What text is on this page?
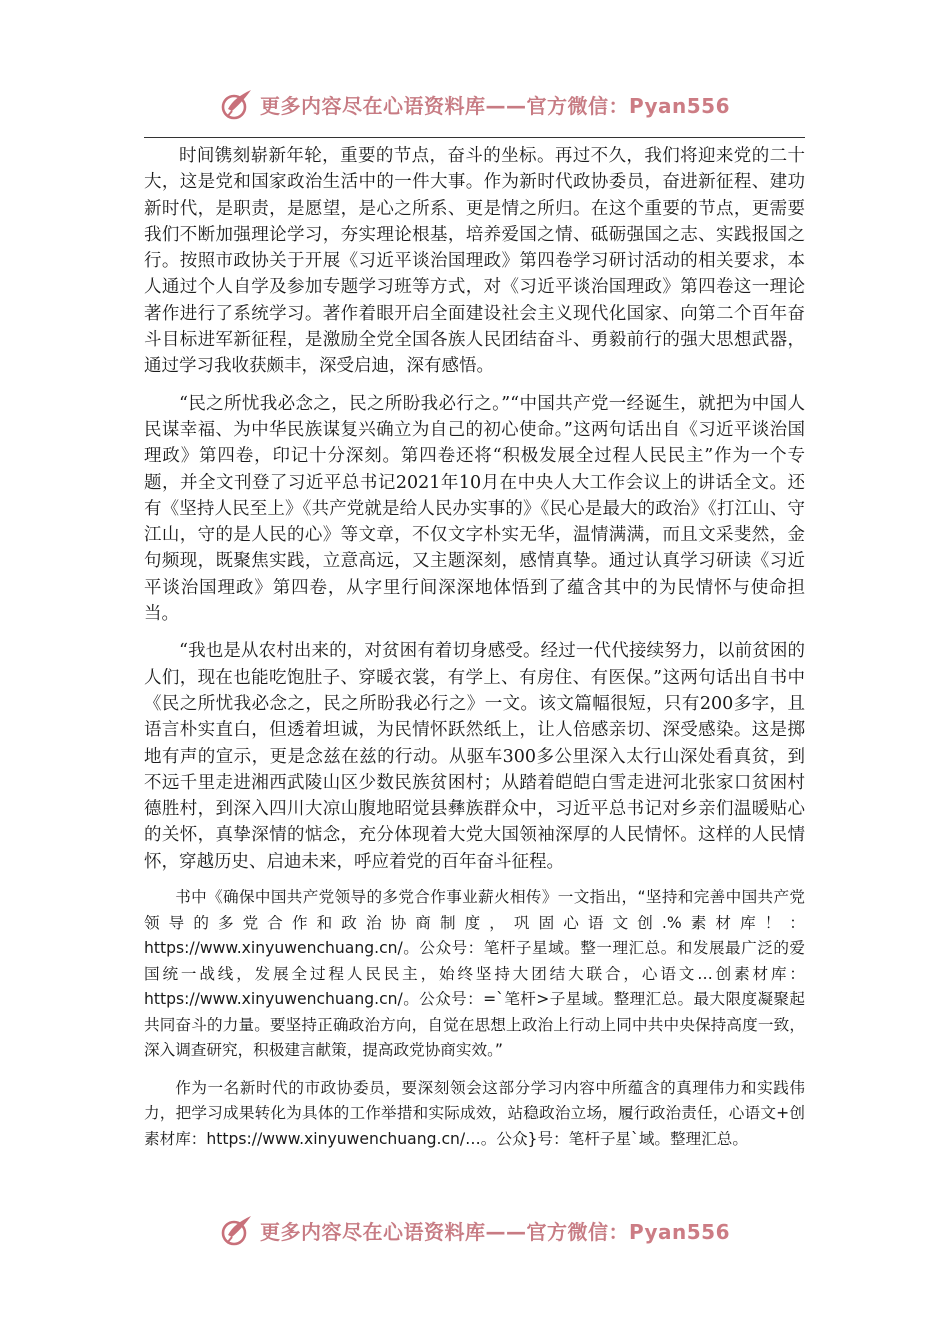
更多内容尽在心语资料库——官方微信：Pyan556

时间镌刻崭新年轮，重要的节点，奋斗的坐标。再过不久，我们将迎来党的二十大，这是党和国家政治生活中的一件大事。作为新时代政协委员，奋进新征程、建功新时代，是职责，是愿望，是心之所系、更是情之所归。在这个重要的节点，更需要我们不断加强理论学习，夯实理论根基，培养爱国之情、砥砺强国之志、实践报国之行。按照市政协关于开展《习近平谈治国理政》第四卷学习研讨活动的相关要求，本人通过个人自学及参加专题学习班等方式，对《习近平谈治国理政》第四卷这一理论著作进行了系统学习。著作着眼开启全面建设社会主义现代化国家、向第二个百年奋斗目标进军新征程，是激励全党全国各族人民团结奋斗、勇毅前行的强大思想武器，通过学习我收获颇丰，深受启迪，深有感悟。

“民之所忧我必念之，民之所盼我必行之。”“中国共产党一经诞生，就把为中国人民谋幸福、为中华民族谋复兴确立为自己的初心使命。”这两句话出自《习近平谈治国理政》第四卷，印记十分深刻。第四卷还将“积极发展全过程人民民主”作为一个专题，并全文刊登了习近平总书记2021年10月在中央人大工作会议上的讲话全文。还有《坚持人民至上》《共产党就是给人民办实事的》《民心是最大的政治》《打江山、守江山，守的是人民的心》等文章，不仅文字朴实无华，温情满满，而且文采斐然，金句频现，既聚焦实践，立意高远，又主题深刻，感情真挚。通过认真学习研读《习近平谈治国理政》第四卷，从字里行间深深地体悟到了蕴含其中的为民情怀与使命担当。

“我也是从农村出来的，对贫困有着切身感受。经过一代代接续努力，以前贫困的人们，现在也能吃饱肚子、穿暖衣裳，有学上、有房住、有医保。”这两句话出自书中《民之所忧我必念之，民之所盼我必行之》一文。该文篇幅很短，只有200多字，且语言朴实直白，但透着坦诚，为民情怀跃然纸上，让人倍感亲切、深受感染。这是掷地有声的宣示，更是念兹在兹的行动。从驱车300多公里深入太行山深处看真贫，到不远千里走进湘西武陵山区少数民族贫困村；从踏着皑皑白雪走进河北张家口贫困村德胜村，到深入四川大凉山腹地昭觉县彝族群众中，习近平总书记对乡亲们温暖贴心的关怀，真挚深情的惦念，充分体现着大党大国领袖深厚的人民情怀。这样的人民情怀，穿越历史、启迪未来，呼应着党的百年奋斗征程。

书中《确保中国共产党领导的多党合作事业薪火相传》一文指出，“坚持和完善中国共产党领导的多党合作和政治协商制度，巩固心语文创.%素材库！：https://www.xinyuwenchuang.cn/。公众号：笔杆子星域。整一理汇总。和发展最广泛的爱国统一战线，发展全过程人民民主，始终坚持大团结大联合，心语文…创素材库：https://www.xinyuwenchuang.cn/。公众号：=`笔杆>子星域。整理汇总。最大限度凝聚起共同奋斗的力量。要坚持正确政治方向，自觉在思想上政治上行动上同中共中央保持高度一致，深入调查研究，积极建言献策，提高政党协商实效。”

作为一名新时代的市政协委员，要深刻领会这部分学习内容中所蕴含的真理伟力和实践伟力，把学习成果转化为具体的工作举措和实际成效，站稳政治立场，履行政治责任，心语文+创素材库：https://www.xinyuwenchuang.cn/…。公众}号：笔杆子星`域。整理汇总。

更多内容尽在心语资料库——官方微信：Pyan556
